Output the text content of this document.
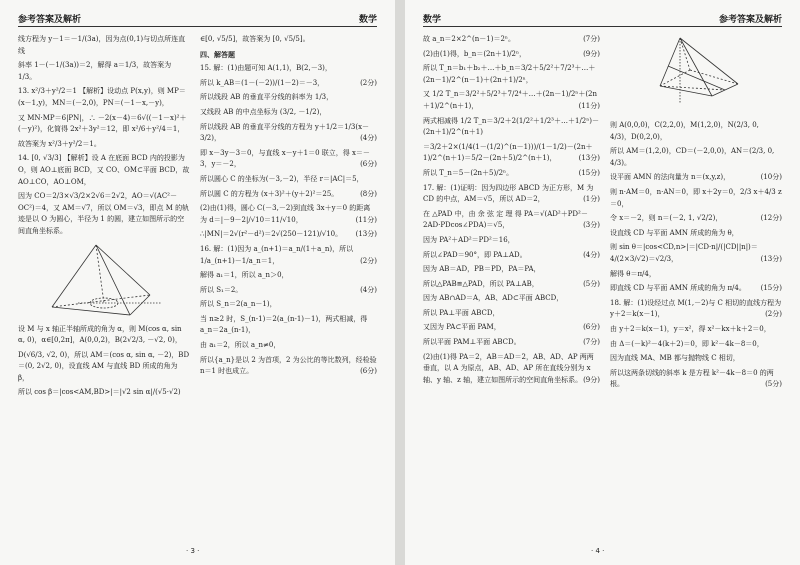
参考答案及解析	数学

线方程为 y－1＝－1/(3a)，因为点(0,1)与切点所连直线

斜率 1－(－1/(3a))＝2，解得 a＝1/3，故答案为 1/3。

13. x²/3＋y²/2＝1 【解析】设动点 P(x,y)，则 MP＝(x－1,y)，MN＝(－2,0)，PN＝(－1－x,－y)，

又 MN·MP＝6|PN|，∴ －2(x－4)＝6√((－1－x)²＋(－y)²)，化简得 2x²＋3y²＝12，即 x²/6＋y²/4＝1，

故答案为 x²/3＋y²/2＝1。

14. [0, √3/3] 【解析】设 A 在底面 BCD 内的投影为 O，则 AO⊥底面 BCD，又 CO、OM⊂平面 BCD，故 AO⊥CO，AO⊥OM，

因为 CO＝2/3×√3/2×2√6＝2√2，AO＝√(AC²－OC²)＝4，又 AM＝√7，所以 OM＝√3，即点 M 的轨迹是以 O 为圆心，半径为 1 的圆，建立如图所示的空间直角坐标系。

设 M 与 x 轴正半轴所成的角为 α，则 M(cos α, sin α, 0)，α∈[0,2π]，A(0,0,2)，B(2√2/3, －√2, 0)，

D(√6/3, √2, 0)，所以 AM＝(cos α, sin α, －2)，BD＝(0, 2√2, 0)，设直线 AM 与直线 BD 所成的角为 β，

所以 cos β＝|cos<AM,BD>|＝|√2 sin α|/(√5·√2)

∈[0, √5/5]，故答案为 [0, √5/5]。

四、解答题

15. 解：(1)由题可知 A(1,1)，B(2,－3)，

所以 k_AB＝(1－(－2))/(1－2)＝－3，	(2分)

所以线段 AB 的垂直平分线的斜率为 1/3，

又线段 AB 的中点坐标为 (3/2, －1/2)，

所以线段 AB 的垂直平分线的方程为 y＋1/2＝1/3(x－3/2)，	(4分)

即 x－3y－3＝0，与直线 x－y＋1＝0 联立，得 x＝－3，y＝－2，	(6分)

所以圆心 C 的坐标为(－3,－2)，半径 r＝|AC|＝5，

所以圆 C 的方程为 (x＋3)²＋(y＋2)²＝25。	(8分)

(2)由(1)得，圆心 C(－3,－2)到直线 3x＋y＝0 的距离为 d＝|－9－2|/√10＝11/√10，	(11分)

∴|MN|＝2√(r²－d²)＝2√(250－121)/√10。 (13分)

16. 解：(1)因为 a_(n+1)＝a_n/(1＋a_n)，所以 1/a_(n+1)－1/a_n＝1，	(2分)

解得 a₁＝1，所以 a_n＞0，

所以 S₁＝2。	(4分)

所以 S_n＝2(a_n－1)，

当 n≥2 时，S_(n-1)＝2(a_(n-1)－1)，两式相减，得 a_n＝2a_(n-1)，

由 a₁＝2，所以 a_n≠0，

所以{a_n}是以 2 为首项，2 为公比的等比数列，经检验 n＝1 时也成立。	(6分)

· 3 ·
数学	参考答案及解析

故 a_n＝2×2^(n－1)＝2ⁿ。	(7分)

(2)由(1)得，b_n＝(2n＋1)/2ⁿ，	(9分)

所以 T_n＝b₁＋b₂＋…＋b_n＝3/2＋5/2²＋7/2³＋…＋(2n－1)/2^(n－1)＋(2n＋1)/2ⁿ，

又 1/2 T_n＝3/2²＋5/2³＋7/2⁴＋…＋(2n－1)/2ⁿ＋(2n＋1)/2^(n＋1)，	(11分)

两式相减得 1/2 T_n＝3/2＋2(1/2²＋1/2³＋…＋1/2ⁿ)－(2n＋1)/2^(n＋1)

＝3/2＋2×(1/4(1－(1/2)^(n－1)))/(1－1/2)－(2n＋1)/2^(n＋1)＝5/2－(2n＋5)/2^(n＋1)，	(13分)

所以 T_n＝5－(2n＋5)/2ⁿ。	(15分)

17. 解：(1)证明：因为四边形 ABCD 为正方形，M 为 CD 的中点，AM＝√5，所以 AD＝2，	(1分)

在 △PAD 中，由 余 弦 定 理 得 PA＝√(AD²＋PD²－2AD·PDcos∠PDA)＝√5，	(3分)

因为 PA²＋AD²＝PD²＝16，

所以∠PAD＝90°，即 PA⊥AD。	(4分)

因为 AB＝AD，PB＝PD，PA＝PA，

所以△PAB≌△PAD，所以 PA⊥AB，	(5分)

因为 AB∩AD＝A，AB、AD⊂平面 ABCD，

所以 PA⊥平面 ABCD，

又因为 PA⊂平面 PAM，	(6分)

所以平面 PAM⊥平面 ABCD。	(7分)

(2)由(1)得 PA＝2，AB＝AD＝2，AB、AD、AP 两两垂直，以 A 为原点，AB、AD、AP 所在直线分别为 x 轴、y 轴、z 轴，建立如图所示的空间直角坐标系。 (9分)

则 A(0,0,0)，C(2,2,0)，M(1,2,0)，N(2/3, 0, 4/3)，D(0,2,0)，

所以 AM＝(1,2,0)，CD＝(－2,0,0)，AN＝(2/3, 0, 4/3)。

设平面 AMN 的法向量为 n＝(x,y,z)，	(10分)

则 n·AM＝0，n·AN＝0，即 x＋2y＝0，2/3 x＋4/3 z＝0，

令 x＝－2，则 n＝(－2, 1, √2/2)，	(12分)

设直线 CD 与平面 AMN 所成的角为 θ，

则 sin θ＝|cos<CD,n>|＝|CD·n|/(|CD||n|)＝4/(2×3/√2)＝√2/3，	(13分)

解得 θ＝π/4，

即直线 CD 与平面 AMN 所成的角为 π/4。 (15分)

18. 解：(1)设经过点 M(1,－2)与 C 相切的直线方程为 y＋2＝k(x－1)，	(2分)

由 y＋2＝k(x－1)，y＝x²，得 x²－kx＋k＋2＝0，

由 Δ＝(－k)²－4(k＋2)＝0，即 k²－4k－8＝0，

因为直线 MA、MB 都与抛物线 C 相切，

所以这两条切线的斜率 k 是方程 k²－4k－8＝0 的两根。	(5分)

· 4 ·
